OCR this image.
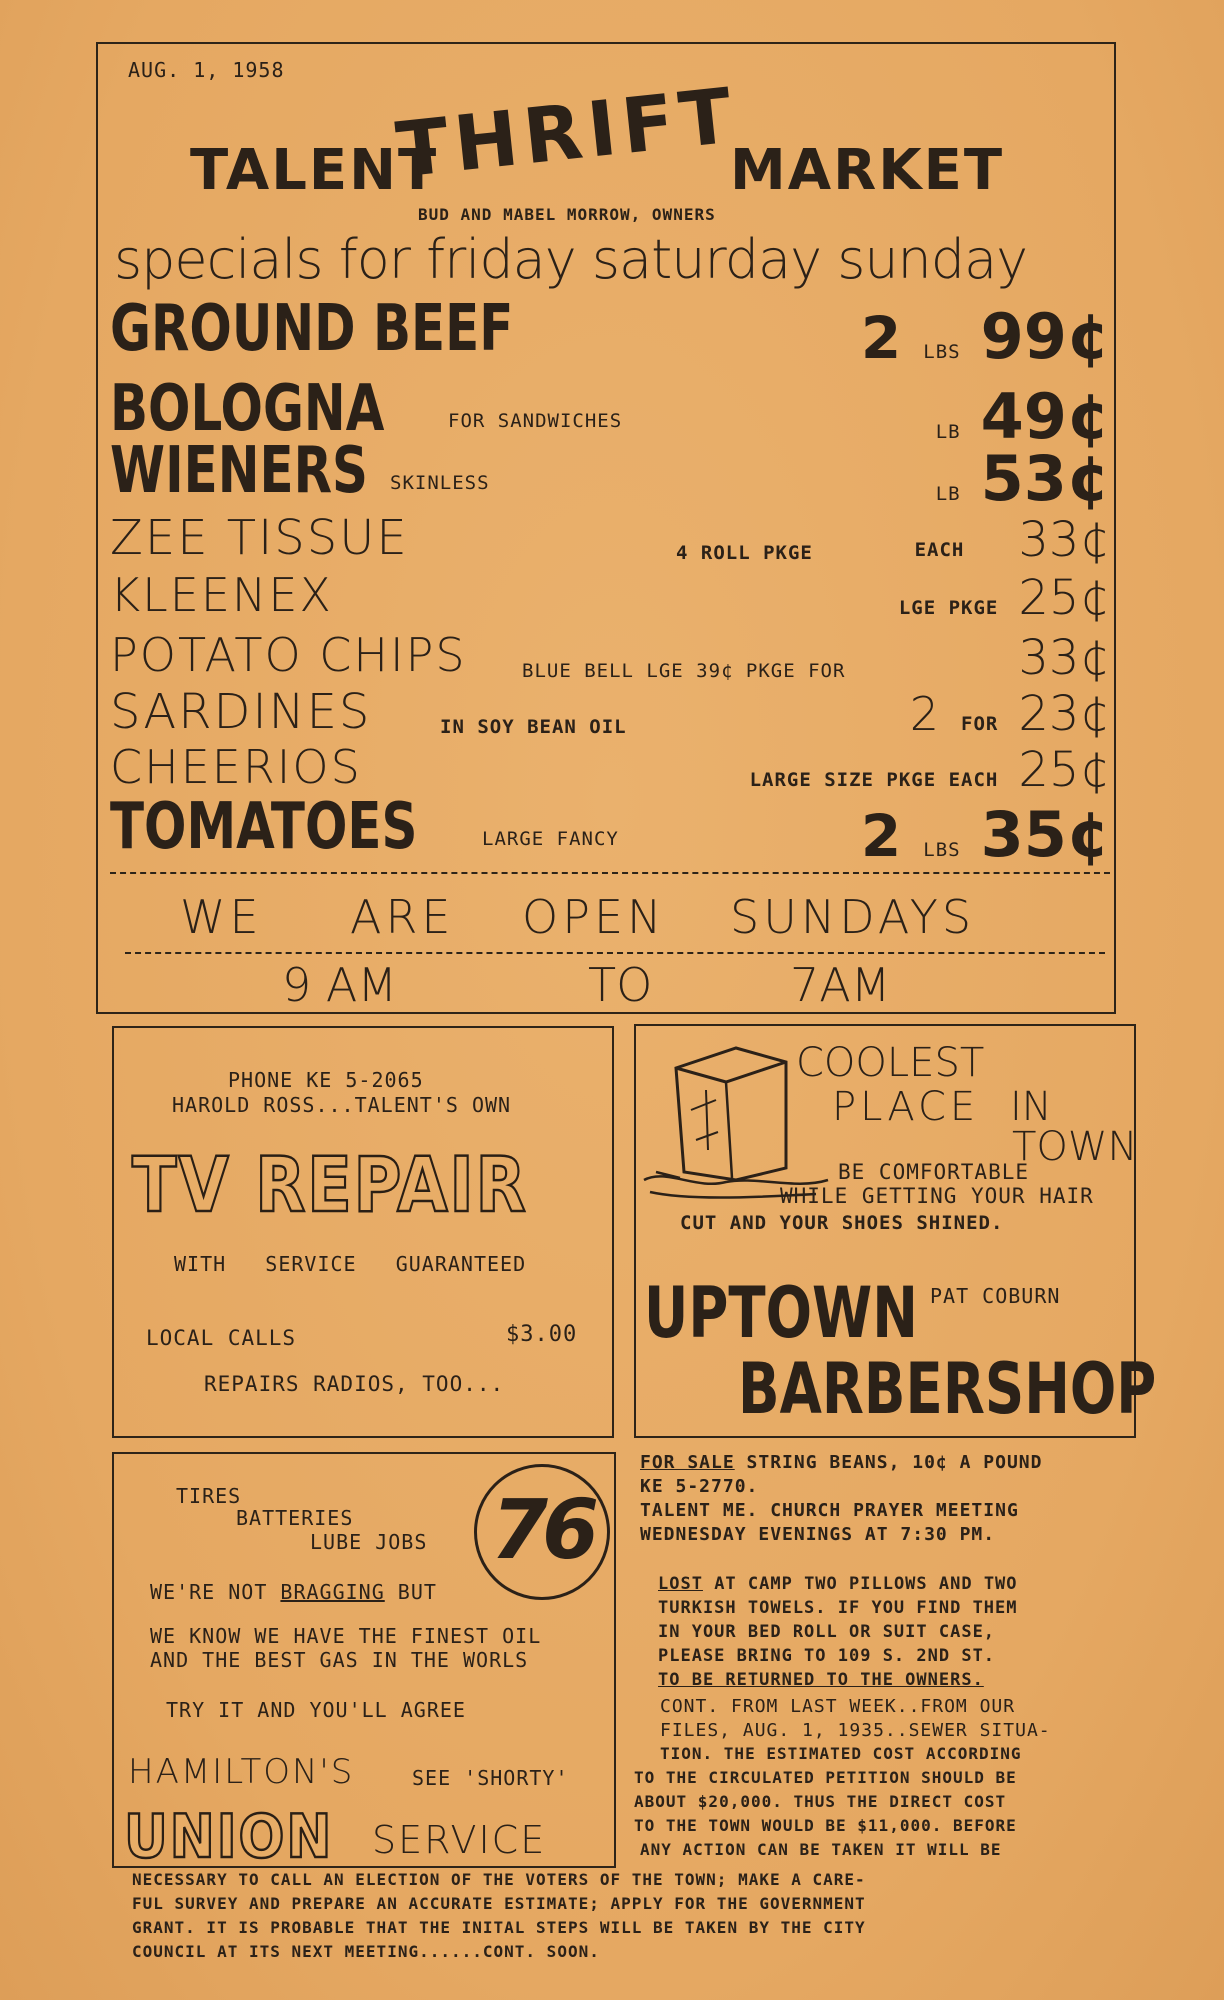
AUG. 1, 1958
TALENT
THRIFT
MARKET
BUD AND MABEL MORROW, OWNERS
specials for friday saturday sunday
GROUND BEEF	2 LBS 99¢
BOLOGNA	FOR SANDWICHES	LB 49¢
WIENERS SKINLESS	LB 53¢
ZEE TISSUE	4 ROLL PKGE	EACH 33¢
KLEENEX	LGE PKGE 25¢
POTATO CHIPS	BLUE BELL LGE 39¢ PKGE FOR	33¢
SARDINES	IN SOY BEAN OIL	2 FOR 23¢
CHEERIOS	LARGE SIZE PKGE EACH 25¢
TOMATOES	LARGE FANCY	2 LBS 35¢
WE ARE OPEN SUNDAYS
9 AM	TO	7AM
PHONE KE 5-2065
HAROLD ROSS...TALENT'S OWN
TV REPAIR
WITH   SERVICE   GUARANTEED
LOCAL CALLS	$3.00
REPAIRS RADIOS, TOO...
COOLEST
PLACE IN
TOWN
BE COMFORTABLE
WHILE GETTING YOUR HAIR
CUT AND YOUR SHOES SHINED.
UPTOWN PAT COBURN
BARBERSHOP
TIRES
BATTERIES
LUBE JOBS 76
WE'RE NOT BRAGGING BUT
WE KNOW WE HAVE THE FINEST OIL
AND THE BEST GAS IN THE WORLS
TRY IT AND YOU'LL AGREE
HAMILTON'S	SEE 'SHORTY'
UNION SERVICE
FOR SALE STRING BEANS, 10¢ A POUND
KE 5-2770.
TALENT ME. CHURCH PRAYER MEETING
WEDNESDAY EVENINGS AT 7:30 PM.
LOST AT CAMP TWO PILLOWS AND TWO
TURKISH TOWELS. IF YOU FIND THEM
IN YOUR BED ROLL OR SUIT CASE,
PLEASE BRING TO 109 S. 2ND ST.
TO BE RETURNED TO THE OWNERS.
CONT. FROM LAST WEEK..FROM OUR
FILES, AUG. 1, 1935..SEWER SITUA-
TION. THE ESTIMATED COST ACCORDING
TO THE CIRCULATED PETITION SHOULD BE
ABOUT $20,000. THUS THE DIRECT COST
TO THE TOWN WOULD BE $11,000. BEFORE
ANY ACTION CAN BE TAKEN IT WILL BE
NECESSARY TO CALL AN ELECTION OF THE VOTERS OF THE TOWN; MAKE A CARE-
FUL SURVEY AND PREPARE AN ACCURATE ESTIMATE; APPLY FOR THE GOVERNMENT
GRANT. IT IS PROBABLE THAT THE INITAL STEPS WILL BE TAKEN BY THE CITY
COUNCIL AT ITS NEXT MEETING......CONT. SOON.
